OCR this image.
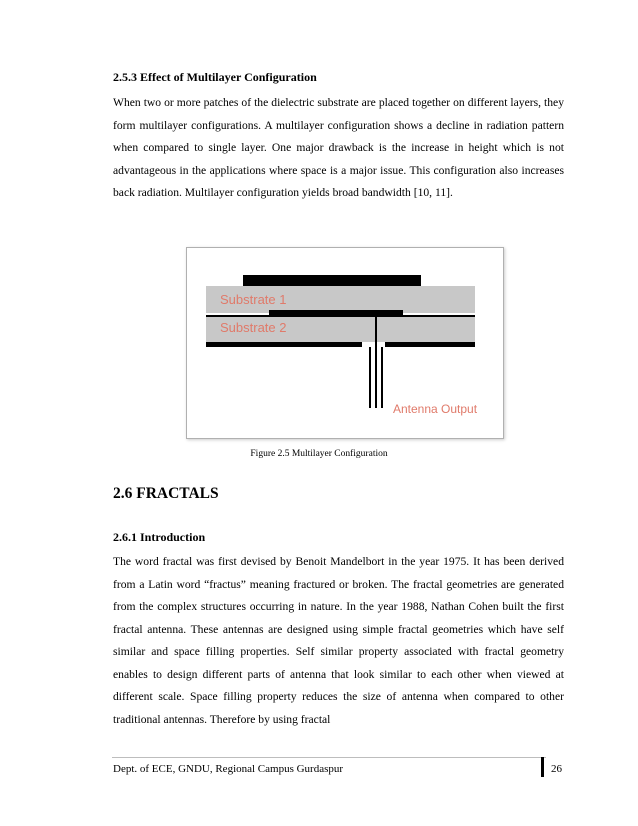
2.5.3 Effect of Multilayer Configuration

When two or more patches of the dielectric substrate are placed together on different layers, they form multilayer configurations. A multilayer configuration shows a decline in radiation pattern when compared to single layer. One major drawback is the increase in height which is not advantageous in the applications where space is a major issue. This configuration also increases back radiation. Multilayer configuration yields broad bandwidth [10, 11].

Substrate 1
Substrate 2
Antenna Output
Figure 2.5 Multilayer Configuration
2.6 FRACTALS
2.6.1 Introduction

The word fractal was first devised by Benoit Mandelbort in the year 1975. It has been derived from a Latin word “fractus” meaning fractured or broken. The fractal geometries are generated from the complex structures occurring in nature. In the year 1988, Nathan Cohen built the first fractal antenna. These antennas are designed using simple fractal geometries which have self similar and space filling properties. Self similar property associated with fractal geometry enables to design different parts of antenna that look similar to each other when viewed at different scale. Space filling property reduces the size of antenna when compared to other traditional antennas. Therefore by using fractal

Dept. of ECE, GNDU, Regional Campus Gurdaspur	26
